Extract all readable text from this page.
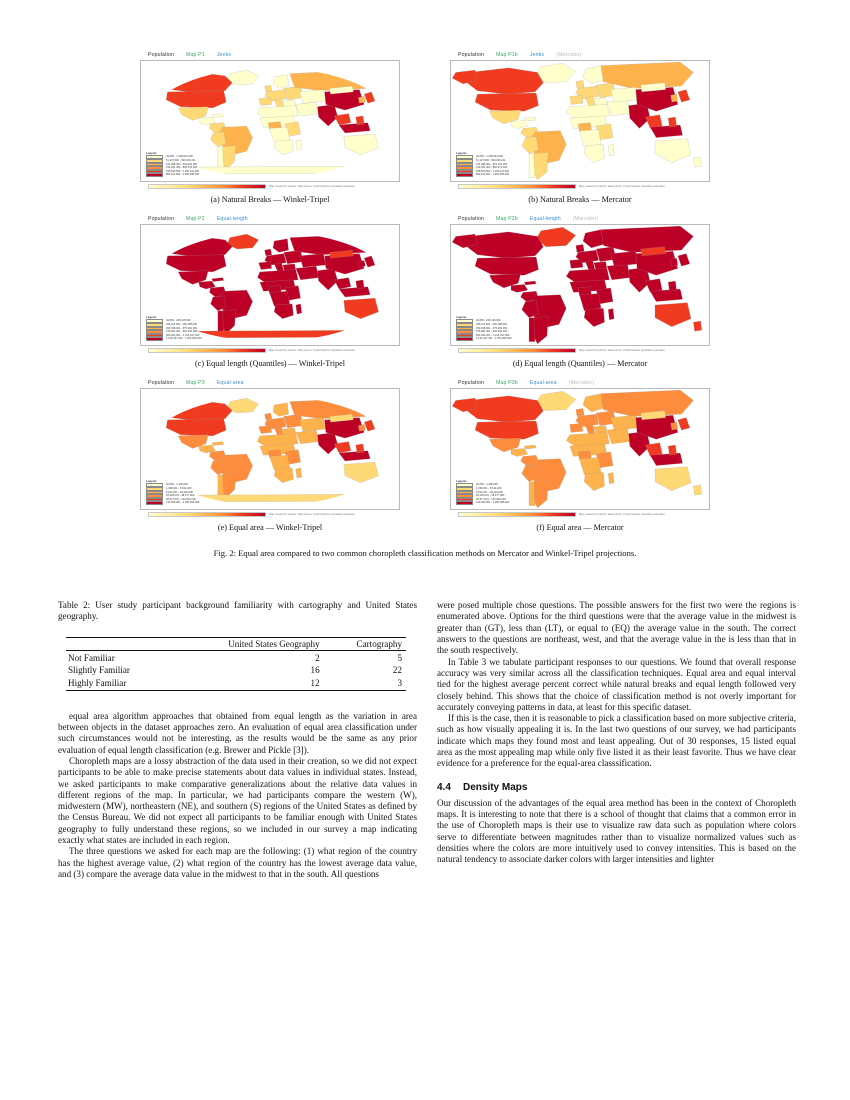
Population Map P1 Jenks
Legend
32,050 - 1,208,642,000
51,137,500 - 500,000,211
121,098,403 - 502,024,000
312,181,400 - 800,573,000
516,810,500 - 1,350,112,000
802,110,000 - 1,350,695,000
Map created by authors. Data source: United Nations population estimates.
(a) Natural Breaks — Winkel-Tripel
Population Map P1b Jenks (Mercator)
Legend
32,050 - 1,208,642,000
51,137,500 - 500,000,211
121,098,403 - 502,024,000
312,181,400 - 800,573,000
516,810,500 - 1,350,112,000
802,110,000 - 1,350,695,000
Map created by authors. Data source: United Nations population estimates.
(b) Natural Breaks — Mercator
Population Map P2 Equal-length
Legend
32,050 - 225,115,000
225,115,001 - 450,198,000
450,198,001 - 675,281,000
675,281,001 - 900,364,000
900,364,001 - 1,125,447,000
1,125,447,001 - 1,350,695,000
Map created by authors. Data source: United Nations population estimates.
(c) Equal length (Quantiles) — Winkel-Tripel
Population Map P2b Equal-length (Mercator)
Legend
32,050 - 225,115,000
225,115,001 - 450,198,000
450,198,001 - 675,281,000
675,281,001 - 900,364,000
900,364,001 - 1,125,447,000
1,125,447,001 - 1,350,695,000
Map created by authors. Data source: United Nations population estimates.
(d) Equal length (Quantiles) — Mercator
Population Map P3 Equal-area
Legend
32,050 - 1,338,000
1,338,001 - 6,514,000
6,514,001 - 18,204,000
18,204,001 - 48,377,000
48,377,001 - 143,500,000
143,500,001 - 1,350,695,000
Map created by authors. Data source: United Nations population estimates.
(e) Equal area — Winkel-Tripel
Population Map P3b Equal-area (Mercator)
Legend
32,050 - 1,338,000
1,338,001 - 6,514,000
6,514,001 - 18,204,000
18,204,001 - 48,377,000
48,377,001 - 143,500,000
143,500,001 - 1,350,695,000
Map created by authors. Data source: United Nations population estimates.
(f) Equal area — Mercator
Fig. 2: Equal area compared to two common choropleth classification methods on Mercator and Winkel-Tripel projections.
Table 2: User study participant background familiarity with cartography and United States geography.
	United States Geography	Cartography
Not Familiar	2	5
Slightly Familiar	16	22
Highly Familiar	12	3

equal area algorithm approaches that obtained from equal length as the variation in area between objects in the dataset approaches zero. An evaluation of equal area classification under such circumstances would not be interesting, as the results would be the same as any prior evaluation of equal length classification (e.g. Brewer and Pickle [3]).

Choropleth maps are a lossy abstraction of the data used in their creation, so we did not expect participants to be able to make precise statements about data values in individual states. Instead, we asked participants to make comparative generalizations about the relative data values in different regions of the map. In particular, we had participants compare the western (W), midwestern (MW), northeastern (NE), and southern (S) regions of the United States as defined by the Census Bureau. We did not expect all participants to be familiar enough with United States geography to fully understand these regions, so we included in our survey a map indicating exactly what states are included in each region.

The three questions we asked for each map are the following: (1) what region of the country has the highest average value, (2) what region of the country has the lowest average data value, and (3) compare the average data value in the midwest to that in the south. All questions

were posed multiple chose questions. The possible answers for the first two were the regions is enumerated above. Options for the third questions were that the average value in the midwest is greater than (GT), less than (LT), or equal to (EQ) the average value in the south. The correct answers to the questions are northeast, west, and that the average value in the is less than that in the south respectively.

In Table 3 we tabulate participant responses to our questions. We found that overall response accuracy was very similar across all the classification techniques. Equal area and equal interval tied for the highest average percent correct while natural breaks and equal length followed very closely behind. This shows that the choice of classification method is not overly important for accurately conveying patterns in data, at least for this specific dataset.

If this is the case, then it is reasonable to pick a classification based on more subjective criteria, such as how visually appealing it is. In the last two questions of our survey, we had participants indicate which maps they found most and least appealing. Out of 30 responses, 15 listed equal area as the most appealing map while only five listed it as their least favorite. Thus we have clear evidence for a preference for the equal-area classsification.

4.4 Density Maps

Our discussion of the advantages of the equal area method has been in the context of Choropleth maps. It is interesting to note that there is a school of thought that claims that a common error in the use of Choropleth maps is their use to visualize raw data such as population where colors serve to differentiate between magnitudes rather than to visualize normalized values such as densities where the colors are more intuitively used to convey intensities. This is based on the natural tendency to associate darker colors with larger intensities and lighter
